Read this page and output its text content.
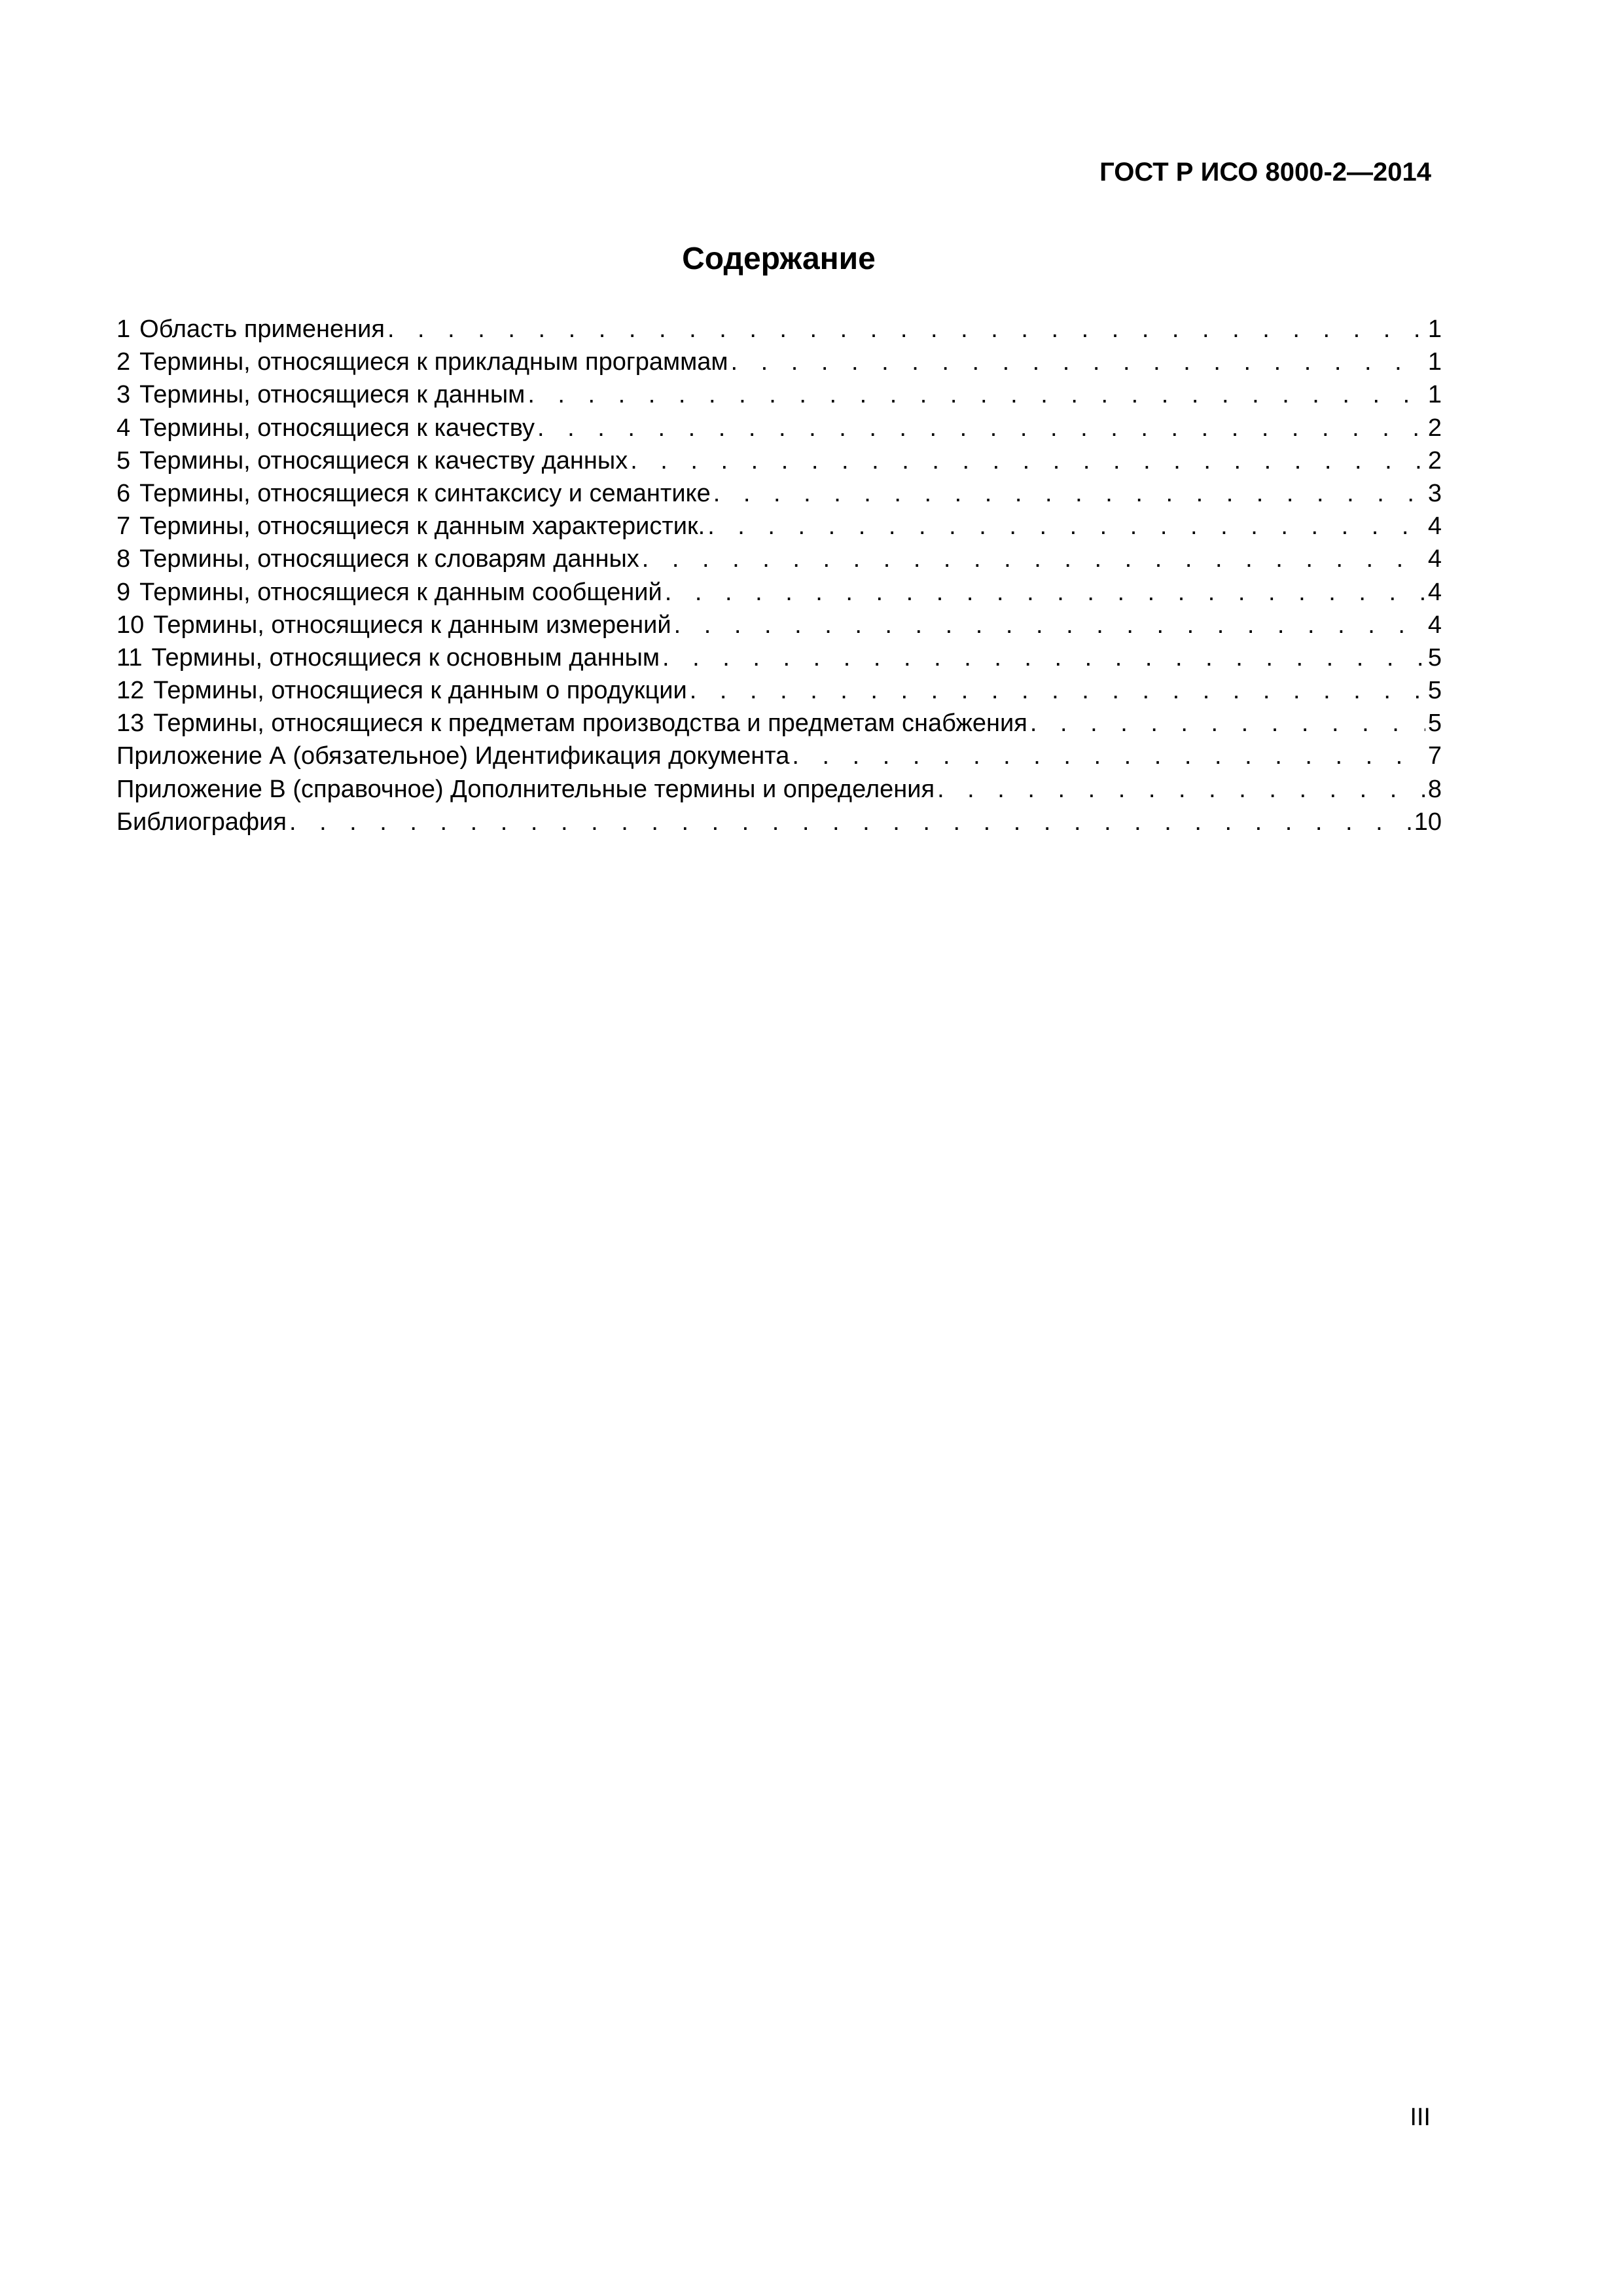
ГОСТ Р ИСО 8000-2—2014
Содержание
1 Область применения . . .	1
2 Термины, относящиеся к прикладным программам . . .	1
3 Термины, относящиеся к данным . . .	1
4 Термины, относящиеся к качеству . . .	2
5 Термины, относящиеся к качеству данных . . .	2
6 Термины, относящиеся к синтаксису и семантике . . .	3
7 Термины, относящиеся к данным характеристик. . . .	4
8 Термины, относящиеся к словарям данных . . .	4
9 Термины, относящиеся к данным сообщений . . .	4
10 Термины, относящиеся к данным измерений . . .	4
11 Термины, относящиеся к основным данным . . .	5
12 Термины, относящиеся к данным о продукции . . .	5
13 Термины, относящиеся к предметам производства и предметам снабжения . . .	5
Приложение А (обязательное) Идентификация документа . . .	7
Приложение В (справочное) Дополнительные термины и определения . . .	8
Библиография . . .	10
III
